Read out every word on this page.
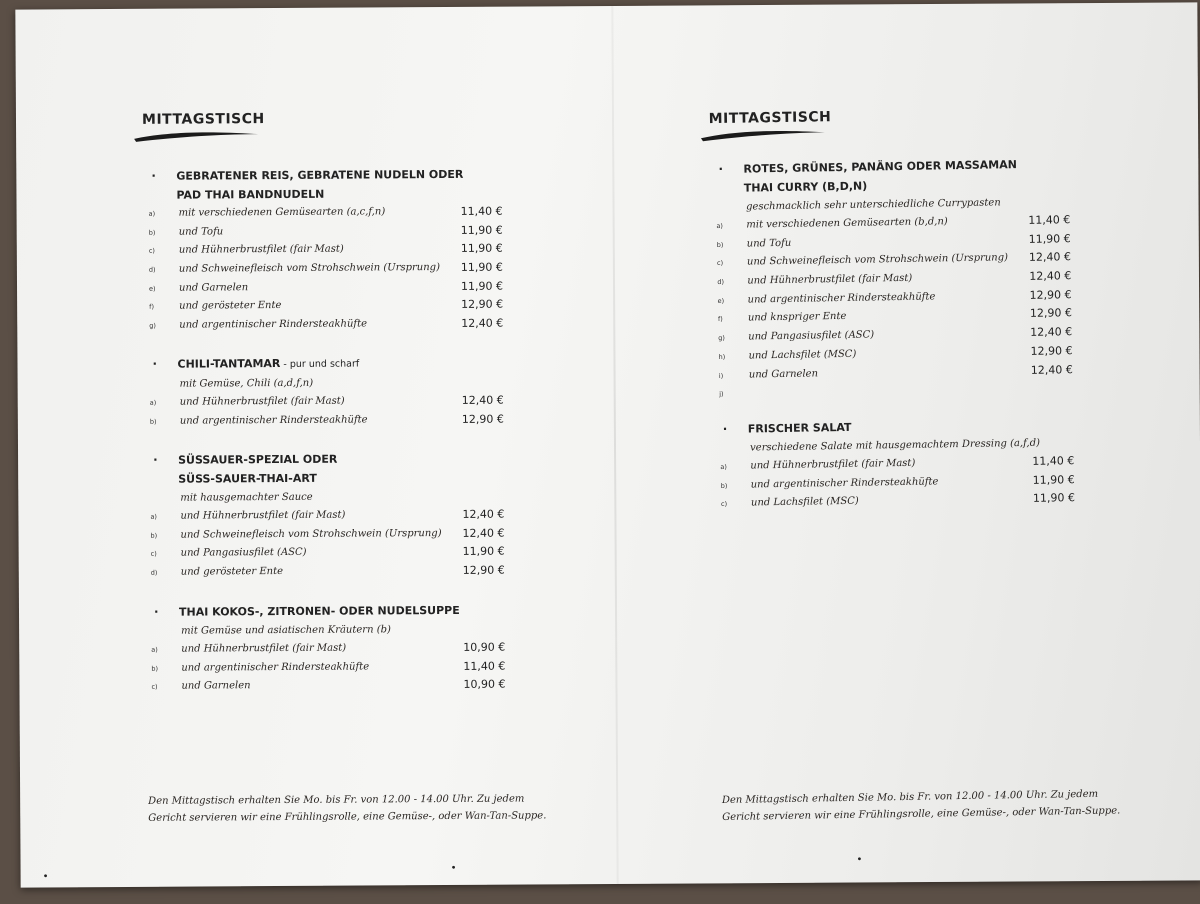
MITTAGSTISCH
. GEBRATENER REIS, GEBRATENE NUDELN ODER
PAD THAI BANDNUDELN
a) mit verschiedenen Gemüsearten (a,c,f,n)	11,40 €
b) und Tofu	11,90 €
c) und Hühnerbrustfilet (fair Mast)	11,90 €
d) und Schweinefleisch vom Strohschwein (Ursprung) 11,90 €
e) und Garnelen	11,90 €
f)	und gerösteter Ente	12,90 €
g) und argentinischer Rindersteakhüfte	12,40 €
. CHILI-TANTAMAR - pur und scharf
mit Gemüse, Chili (a,d,f,n)
a) und Hühnerbrustfilet (fair Mast)	12,40 €
b) und argentinischer Rindersteakhüfte	12,90 €
. SÜSSAUER-SPEZIAL ODER
SÜSS-SAUER-THAI-ART
mit hausgemachter Sauce
a) und Hühnerbrustfilet (fair Mast)	12,40 €
b) und Schweinefleisch vom Strohschwein (Ursprung) 12,40 €
c) und Pangasiusfilet (ASC)	11,90 €
d) und gerösteter Ente	12,90 €
. THAI KOKOS-, ZITRONEN- ODER NUDELSUPPE
mit Gemüse und asiatischen Kräutern (b)
a) und Hühnerbrustfilet (fair Mast)	10,90 €
b) und argentinischer Rindersteakhüfte	11,40 €
c) und Garnelen	10,90 €
Den Mittagstisch erhalten Sie Mo. bis Fr. von 12.00 - 14.00 Uhr. Zu jedem
Gericht servieren wir eine Frühlingsrolle, eine Gemüse-, oder Wan-Tan-Suppe.
MITTAGSTISCH
. ROTES, GRÜNES, PANÄNG ODER MASSAMAN
THAI CURRY (B,D,N)
geschmacklich sehr unterschiedliche Currypasten
a) mit verschiedenen Gemüsearten (b,d,n)	11,40 €
b) und Tofu	11,90 €
c) und Schweinefleisch vom Strohschwein (Ursprung) 12,40 €
d) und Hühnerbrustfilet (fair Mast)	12,40 €
e) und argentinischer Rindersteakhüfte	12,90 €
f)	und knspriger Ente	12,90 €
g) und Pangasiusfilet (ASC)	12,40 €
h) und Lachsfilet (MSC)	12,90 €
i)	und Garnelen	12,40 €
j)
. FRISCHER SALAT
verschiedene Salate mit hausgemachtem Dressing (a,f,d)
a) und Hühnerbrustfilet (fair Mast)	11,40 €
b) und argentinischer Rindersteakhüfte	11,90 €
c) und Lachsfilet (MSC)	11,90 €
Den Mittagstisch erhalten Sie Mo. bis Fr. von 12.00 - 14.00 Uhr. Zu jedem
Gericht servieren wir eine Frühlingsrolle, eine Gemüse-, oder Wan-Tan-Suppe.
•
•
•
